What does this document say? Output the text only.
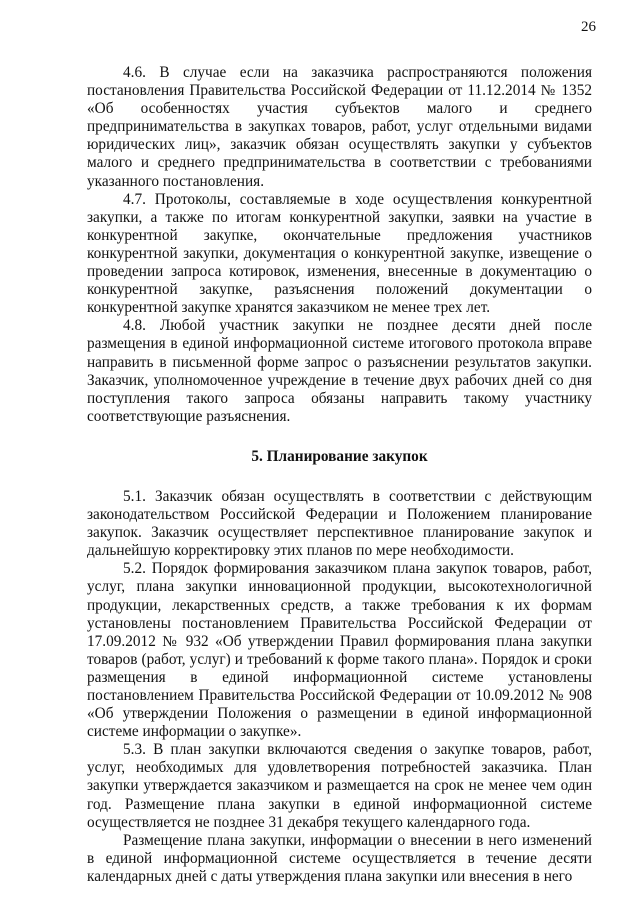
26

4.6. В случае если на заказчика распространяются положения постановления Правительства Российской Федерации от 11.12.2014 № 1352 «Об особенностях участия субъектов малого и среднего предпринимательства в закупках товаров, работ, услуг отдельными видами юридических лиц», заказчик обязан осуществлять закупки у субъектов малого и среднего предпринимательства в соответствии с требованиями указанного постановления.

4.7. Протоколы, составляемые в ходе осуществления конкурентной закупки, а также по итогам конкурентной закупки, заявки на участие в конкурентной закупке, окончательные предложения участников конкурентной закупки, документация о конкурентной закупке, извещение о проведении запроса котировок, изменения, внесенные в документацию о конкурентной закупке, разъяснения положений документации о конкурентной закупке хранятся заказчиком не менее трех лет.

4.8. Любой участник закупки не позднее десяти дней после размещения в единой информационной системе итогового протокола вправе направить в письменной форме запрос о разъяснении результатов закупки. Заказчик, уполномоченное учреждение в течение двух рабочих дней со дня поступления такого запроса обязаны направить такому участнику соответствующие разъяснения.

5. Планирование закупок

5.1. Заказчик обязан осуществлять в соответствии с действующим законодательством Российской Федерации и Положением планирование закупок. Заказчик осуществляет перспективное планирование закупок и дальнейшую корректировку этих планов по мере необходимости.

5.2. Порядок формирования заказчиком плана закупок товаров, работ, услуг, плана закупки инновационной продукции, высокотехнологичной продукции, лекарственных средств, а также требования к их формам установлены постановлением Правительства Российской Федерации от 17.09.2012 № 932 «Об утверждении Правил формирования плана закупки товаров (работ, услуг) и требований к форме такого плана». Порядок и сроки размещения в единой информационной системе установлены постановлением Правительства Российской Федерации от 10.09.2012 № 908 «Об утверждении Положения о размещении в единой информационной системе информации о закупке».

5.3. В план закупки включаются сведения о закупке товаров, работ, услуг, необходимых для удовлетворения потребностей заказчика. План закупки утверждается заказчиком и размещается на срок не менее чем один год. Размещение плана закупки в единой информационной системе осуществляется не позднее 31 декабря текущего календарного года.

Размещение плана закупки, информации о внесении в него изменений в единой информационной системе осуществляется в течение десяти календарных дней с даты утверждения плана закупки или внесения в него
